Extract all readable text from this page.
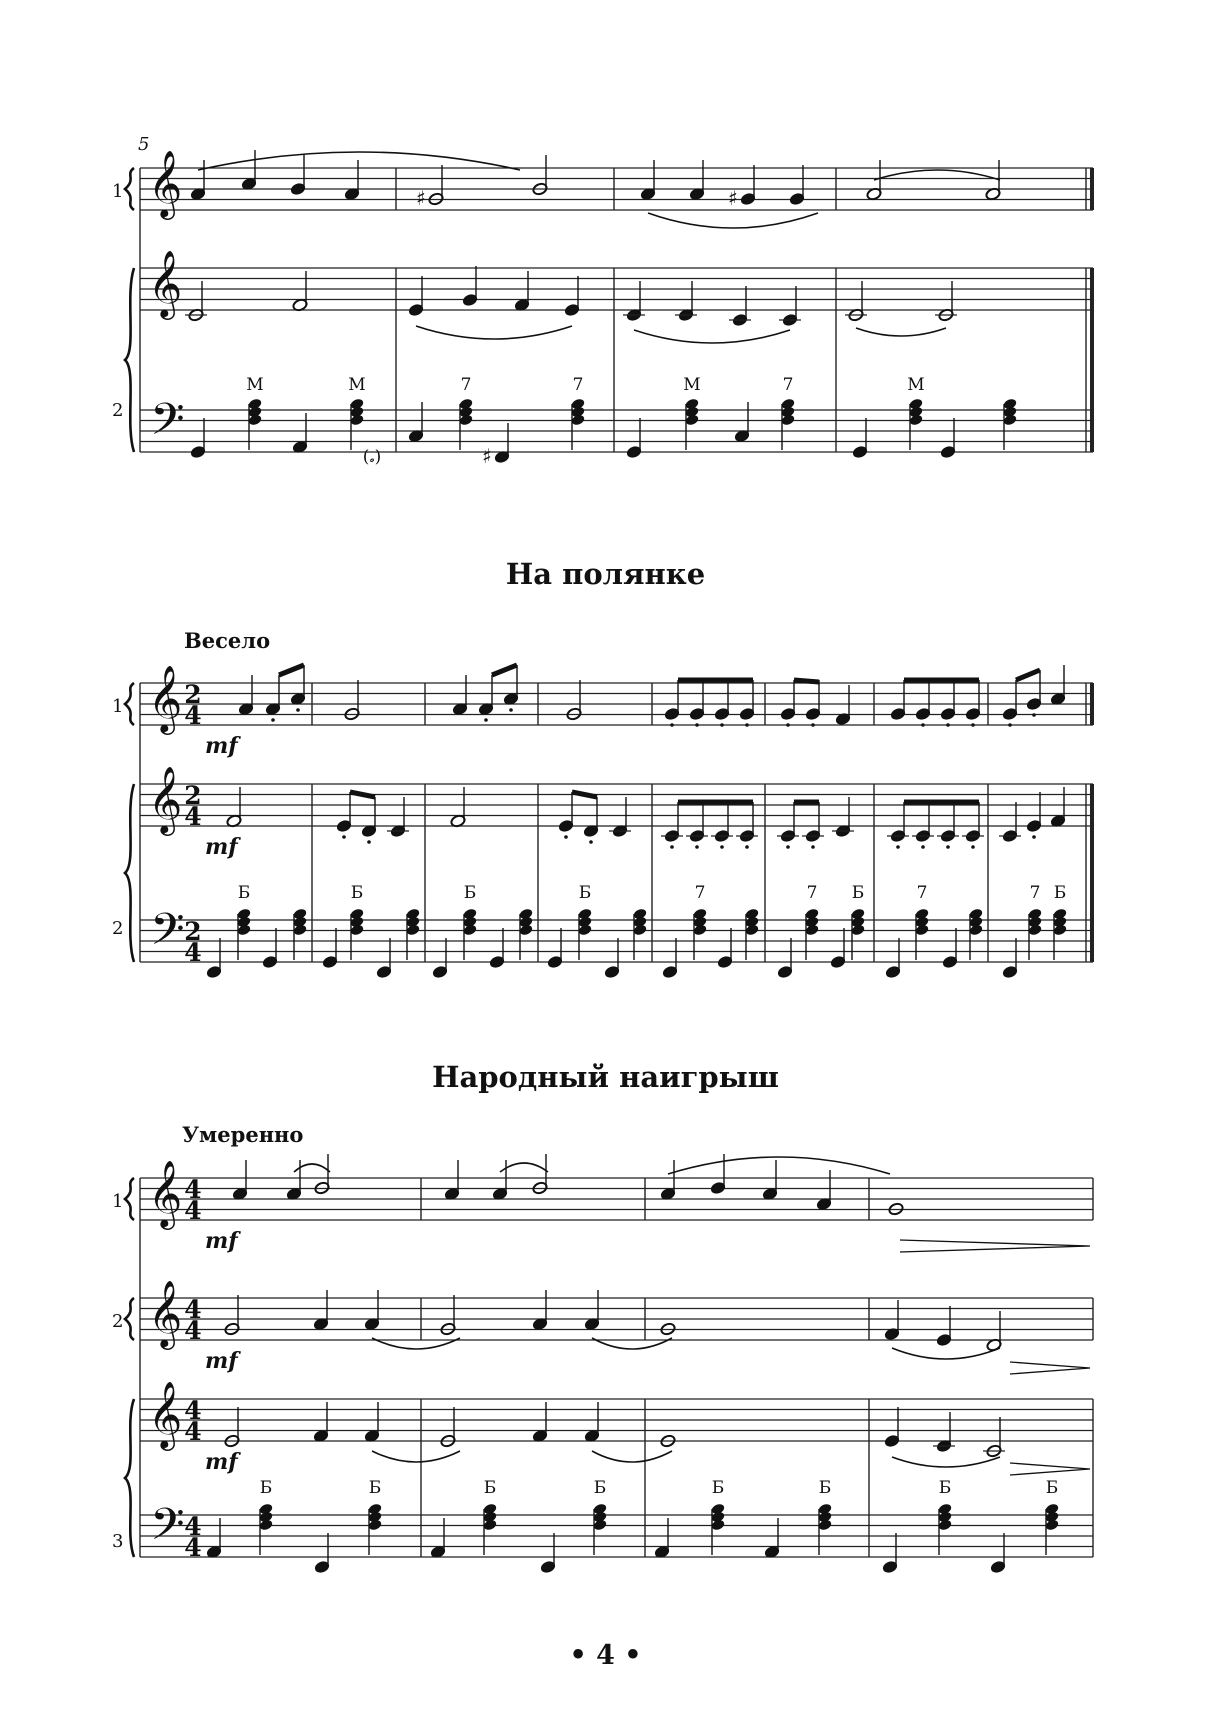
На полянке
Весело
Народный наигрыш
Умеренно
• 4 •
5
1
2
𝄞
𝄞
𝄢
♯	♯
М	М	7	7	М	7	М
♯
(𝅗)
1
2
𝄞
𝄞
𝄢
2
4
2
4
2
4
mf
mf
Б	Б	Б	Б	7	7 Б	7	7 Б
1
2
3
𝄞
𝄞
𝄞
𝄢
4
4
4
4
4
4
4
4
mf
mf
mf
Б	Б	Б	Б	Б	Б	Б	Б
